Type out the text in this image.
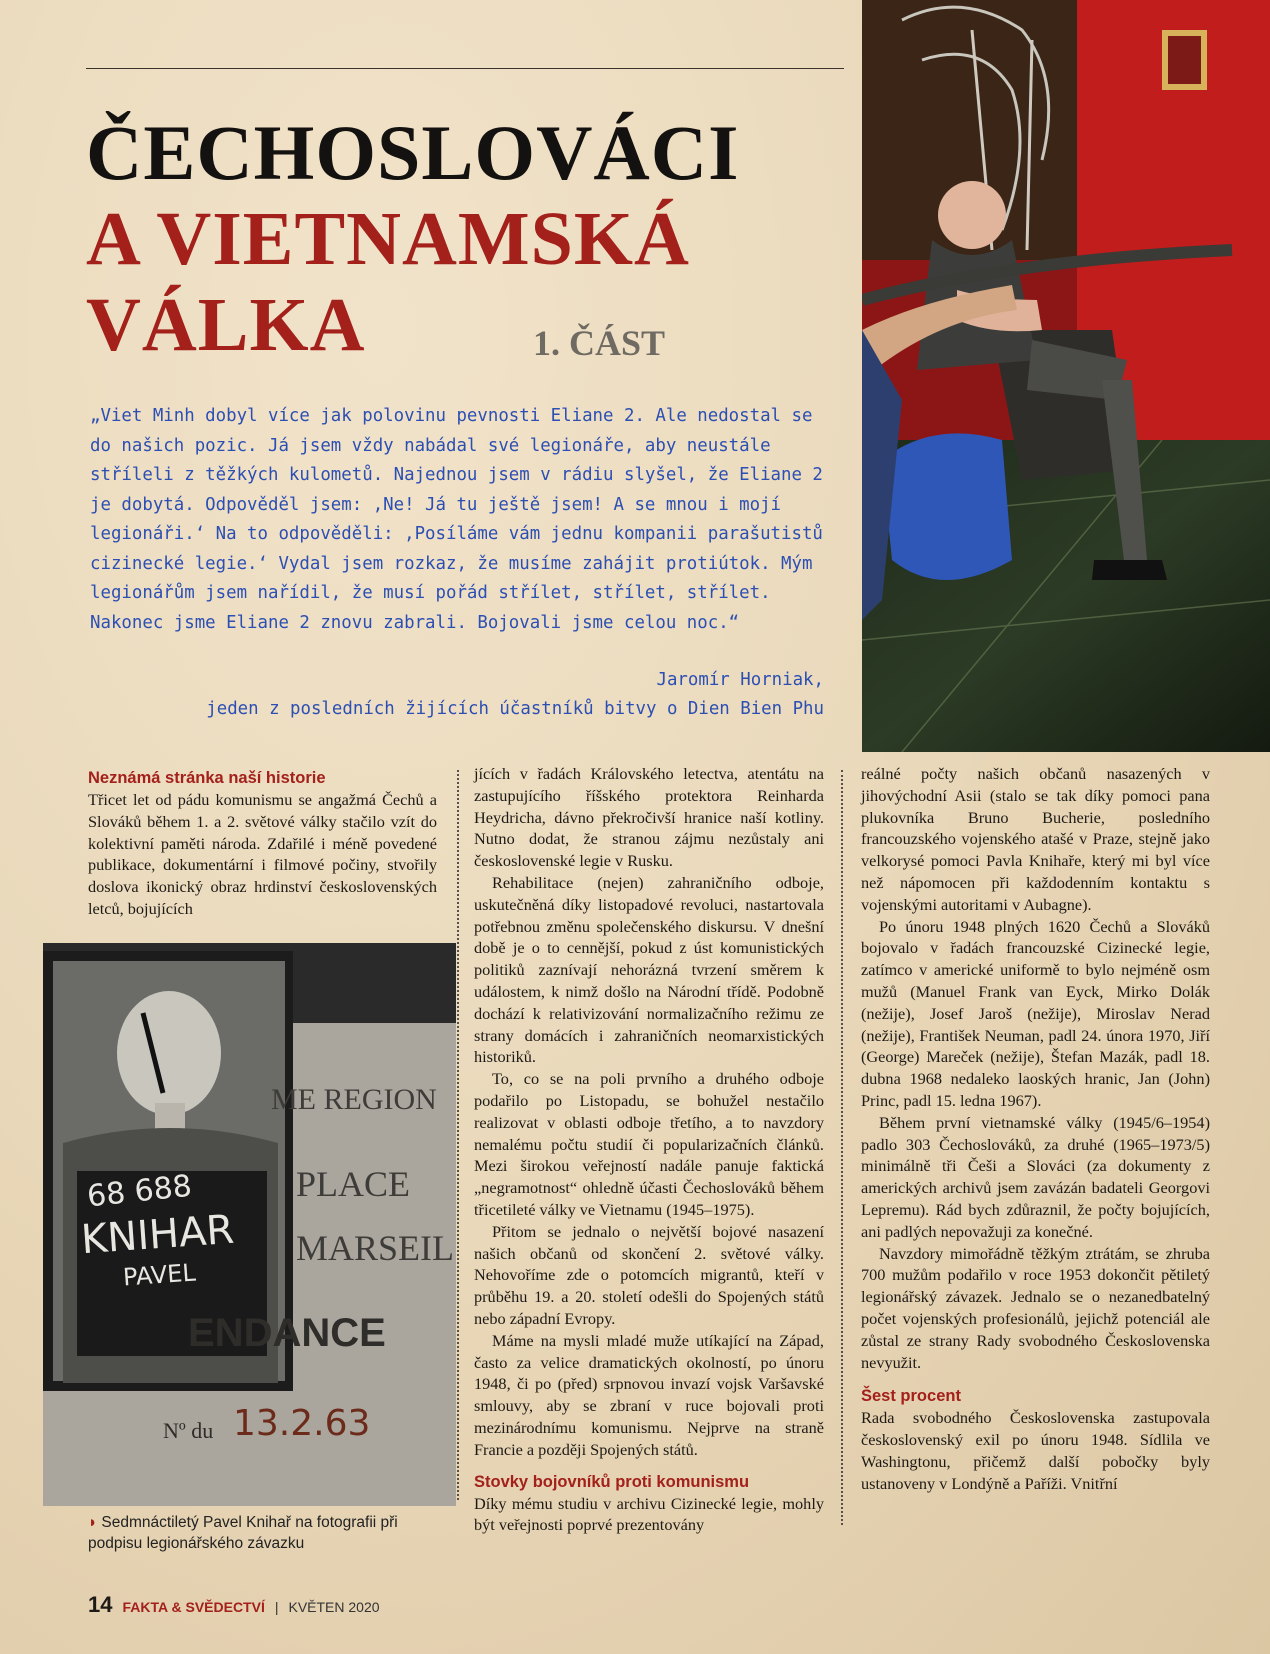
ČECHOSLOVÁCI
A VIETNAMSKÁ
VÁLKA	1. ČÁST

„Viet Minh dobyl více jak polovinu pevnosti Eliane 2. Ale nedostal se do našich pozic. Já jsem vždy nabádal své legionáře, aby neustále stříleli z těžkých kulometů. Najednou jsem v rádiu slyšel, že Eliane 2 je dobytá. Odpověděl jsem: ‚Ne! Já tu ještě jsem! A se mnou i mojí legionáři.‘ Na to odpověděli: ‚Posíláme vám jednu kompanii parašutistů cizinecké legie.‘ Vydal jsem rozkaz, že musíme zahájit protiútok. Mým legionářům jsem nařídil, že musí pořád střílet, střílet, střílet. Nakonec jsme Eliane 2 znovu zabrali. Bojovali jsme celou noc.“

Jaromír Horniak,
jeden z posledních žijících účastníků bitvy o Dien Bien Phu
Neznámá stránka naší historie

Třicet let od pádu komunismu se angažmá Čechů a Slováků během 1. a 2. světové války stačilo vzít do kolektivní paměti národa. Zdařilé i méně povedené publikace, dokumentární i filmové počiny, stvořily doslova ikonický obraz hrdinství československých letců, bojujících

68 688
KNIHAR
PAVEL
ME REGION
PLACE
MARSEIL
ENDANCE
Nº du 13.2.63
◗ Sedmnáctiletý Pavel Knihař na fotografii při podpisu legionářského závazku

jících v řadách Královského letectva, atentátu na zastupujícího říšského protektora Reinharda Heydricha, dávno překročivší hranice naší kotliny. Nutno dodat, že stranou zájmu nezůstaly ani československé legie v Rusku.

Rehabilitace (nejen) zahraničního odboje, uskutečněná díky listopadové revoluci, nastartovala potřebnou změnu společenského diskursu. V dnešní době je o to cennější, pokud z úst komunistických politiků zaznívají nehorázná tvrzení směrem k událostem, k nimž došlo na Národní třídě. Podobně dochází k relativizování normalizačního režimu ze strany domácích i zahraničních neomarxistických historiků.

To, co se na poli prvního a druhého odboje podařilo po Listopadu, se bohužel nestačilo realizovat v oblasti odboje třetího, a to navzdory nemalému počtu studií či popularizačních článků. Mezi širokou veřejností nadále panuje faktická „negramotnost“ ohledně účasti Čechoslováků během třicetileté války ve Vietnamu (1945–1975).

Přitom se jednalo o největší bojové nasazení našich občanů od skončení 2. světové války. Nehovoříme zde o potomcích migrantů, kteří v průběhu 19. a 20. století odešli do Spojených států nebo západní Evropy.

Máme na mysli mladé muže utíkající na Západ, často za velice dramatických okolností, po únoru 1948, či po (před) srpnovou invazí vojsk Varšavské smlouvy, aby se zbraní v ruce bojovali proti mezinárodnímu komunismu. Nejprve na straně Francie a později Spojených států.

Stovky bojovníků proti komunismu

Díky mému studiu v archivu Cizinecké legie, mohly být veřejnosti poprvé prezentovány

reálné počty našich občanů nasazených v jihovýchodní Asii (stalo se tak díky pomoci pana plukovníka Bruno Bucherie, posledního francouzského vojenského atašé v Praze, stejně jako velkorysé pomoci Pavla Knihaře, který mi byl více než nápomocen při každodenním kontaktu s vojenskými autoritami v Aubagne).

Po únoru 1948 plných 1620 Čechů a Slováků bojovalo v řadách francouzské Cizinecké legie, zatímco v americké uniformě to bylo nejméně osm mužů (Manuel Frank van Eyck, Mirko Dolák (nežije), Josef Jaroš (nežije), Miroslav Nerad (nežije), František Neuman, padl 24. února 1970, Jiří (George) Mareček (nežije), Štefan Mazák, padl 18. dubna 1968 nedaleko laoských hranic, Jan (John) Princ, padl 15. ledna 1967).

Během první vietnamské války (1945/6–1954) padlo 303 Čechoslováků, za druhé (1965–1973/5) minimálně tři Češi a Slováci (za dokumenty z amerických archivů jsem zavázán badateli Georgovi Lepremu). Rád bych zdůraznil, že počty bojujících, ani padlých nepovažuji za konečné.

Navzdory mimořádně těžkým ztrátám, se zhruba 700 mužům podařilo v roce 1953 dokončit pětiletý legionářský závazek. Jednalo se o nezanedbatelný počet vojenských profesionálů, jejichž potenciál ale zůstal ze strany Rady svobodného Československa nevyužit.

Šest procent

Rada svobodného Československa zastupovala československý exil po únoru 1948. Sídlila ve Washingtonu, přičemž další pobočky byly ustanoveny v Londýně a Paříži. Vnitřní

14 FAKTA & SVĚDECTVÍ | KVĚTEN 2020
